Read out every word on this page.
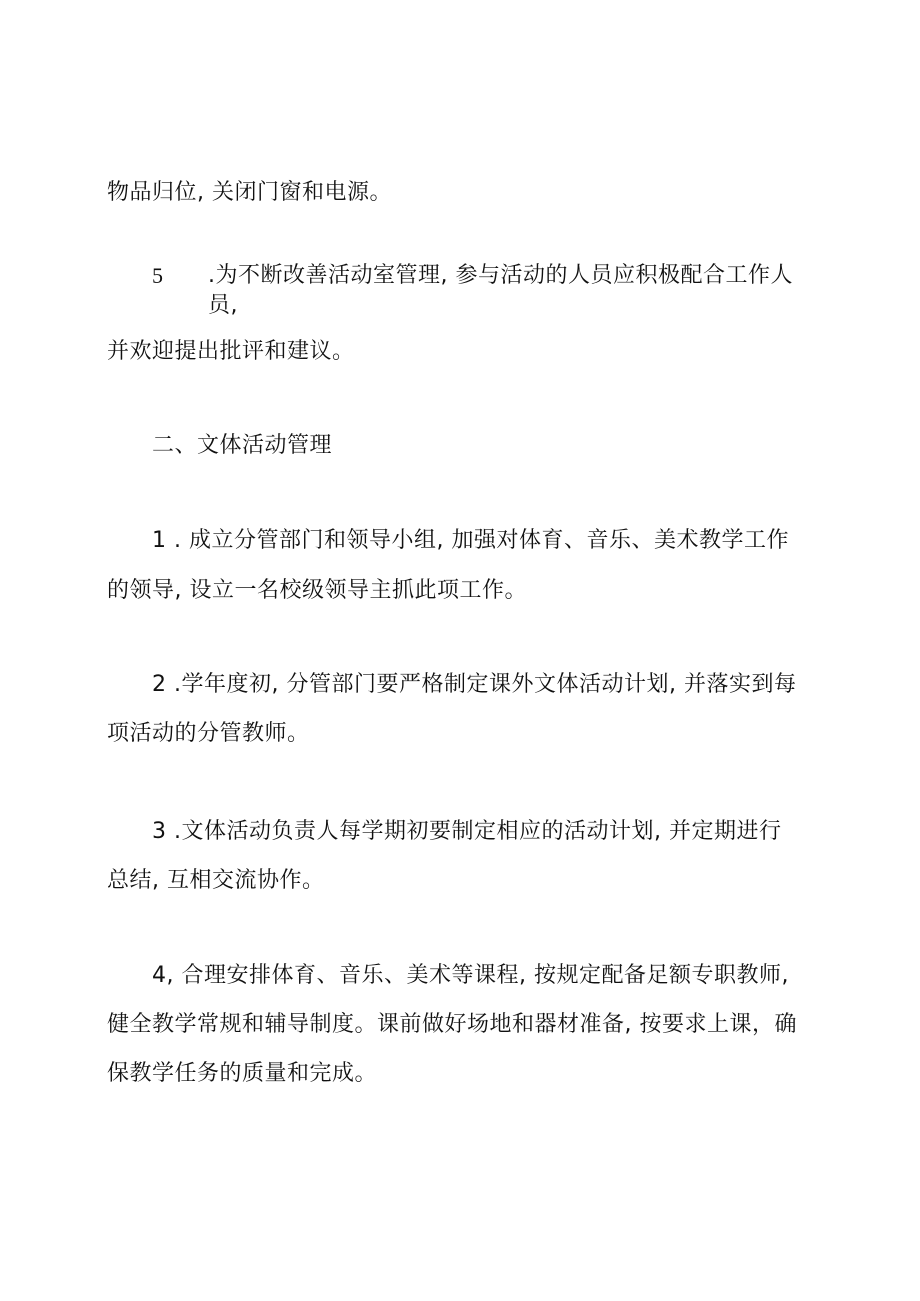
物品归位, 关闭门窗和电源。
5 .为不断改善活动室管理, 参与活动的人员应积极配合工作人员,
并欢迎提出批评和建议。
二、文体活动管理
1 . 成立分管部门和领导小组, 加强对体育、音乐、美术教学工作
的领导, 设立一名校级领导主抓此项工作。
2 .学年度初, 分管部门要严格制定课外文体活动计划, 并落实到每
项活动的分管教师。
3 .文体活动负责人每学期初要制定相应的活动计划, 并定期进行
总结, 互相交流协作。
4, 合理安排体育、音乐、美术等课程, 按规定配备足额专职教师,
健全教学常规和辅导制度。课前做好场地和器材准备, 按要求上课，确
保教学任务的质量和完成。
